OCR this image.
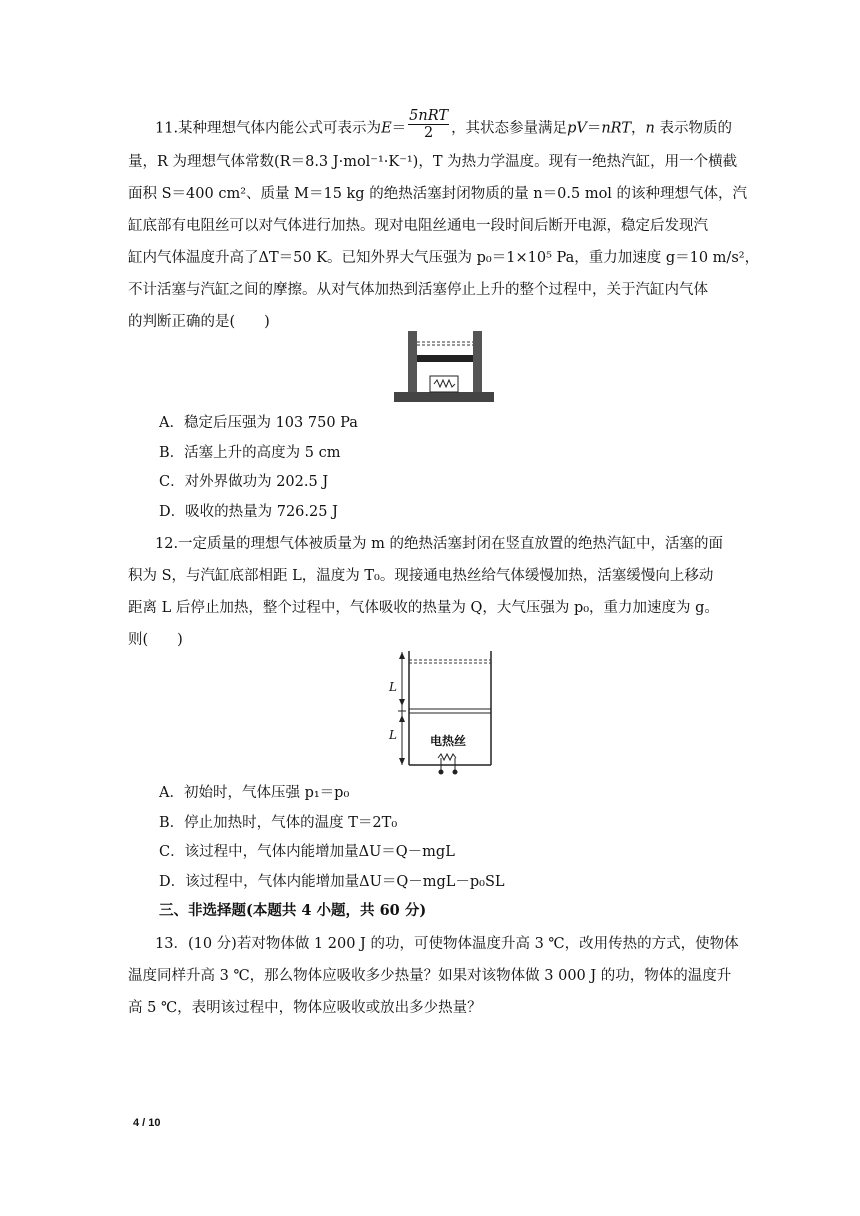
11.某种理想气体内能公式可表示为$E= \frac{\text{5nRT}}{2}$ ，其状态参量满足pV＝nRT，n 表示物质的
量，R 为理想气体常数(R＝8.3 J·mol⁻¹·K⁻¹)，T 为热力学温度。现有一绝热汽缸，用一个横截
面积 S＝400 cm²、质量 M＝15 kg 的绝热活塞封闭物质的量 n＝0.5 mol 的该种理想气体，汽
缸底部有电阻丝可以对气体进行加热。现对电阻丝通电一段时间后断开电源，稳定后发现汽
缸内气体温度升高了ΔT＝50 K。已知外界大气压强为 p₀＝1×10⁵ Pa，重力加速度 g＝10 m/s²，
不计活塞与汽缸之间的摩擦。从对气体加热到活塞停止上升的整个过程中，关于汽缸内气体
的判断正确的是(　　)
A．稳定后压强为 103 750 Pa
B．活塞上升的高度为 5 cm
C．对外界做功为 202.5 J
D．吸收的热量为 726.25 J
12.一定质量的理想气体被质量为 m 的绝热活塞封闭在竖直放置的绝热汽缸中，活塞的面
积为 S，与汽缸底部相距 L，温度为 T₀。现接通电热丝给气体缓慢加热，活塞缓慢向上移动
距离 L 后停止加热，整个过程中，气体吸收的热量为 Q，大气压强为 p₀，重力加速度为 g。
则(　　)
L
L	电热丝
A．初始时，气体压强 p₁＝p₀
B．停止加热时，气体的温度 T＝2T₀
C．该过程中，气体内能增加量ΔU＝Q－mgL
D．该过程中，气体内能增加量ΔU＝Q－mgL－p₀SL
三、非选择题(本题共 4 小题，共 60 分)
13．(10 分)若对物体做 1 200 J 的功，可使物体温度升高 3 ℃，改用传热的方式，使物体
温度同样升高 3 ℃，那么物体应吸收多少热量？如果对该物体做 3 000 J 的功，物体的温度升
高 5 ℃，表明该过程中，物体应吸收或放出多少热量？
4 / 10
